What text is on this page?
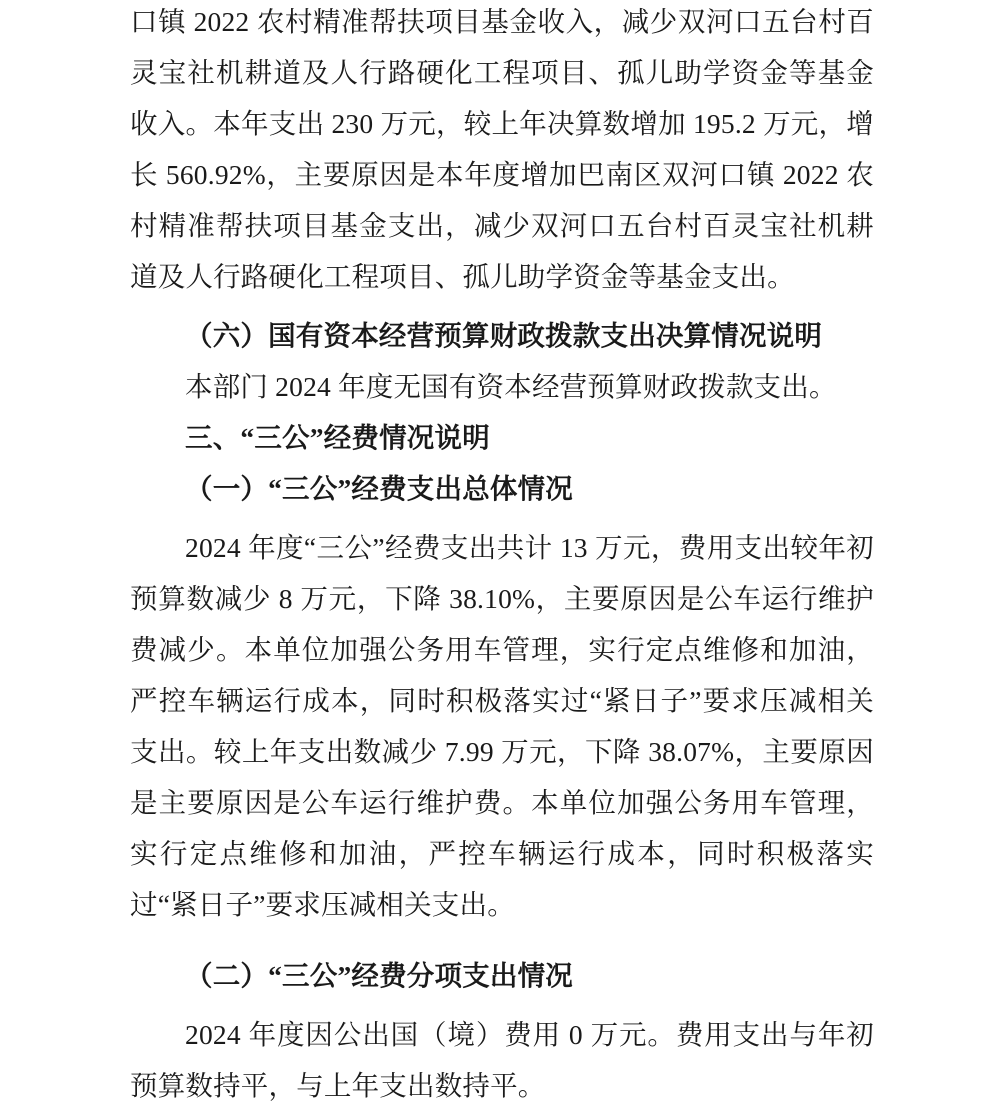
口镇 2022 农村精准帮扶项目基金收入，减少双河口五台村百灵宝社机耕道及人行路硬化工程项目、孤儿助学资金等基金收入。本年支出 230 万元，较上年决算数增加 195.2 万元，增长 560.92%，主要原因是本年度增加巴南区双河口镇 2022 农村精准帮扶项目基金支出，减少双河口五台村百灵宝社机耕道及人行路硬化工程项目、孤儿助学资金等基金支出。

（六）国有资本经营预算财政拨款支出决算情况说明

本部门 2024 年度无国有资本经营预算财政拨款支出。

三、“三公”经费情况说明

（一）“三公”经费支出总体情况

2024 年度“三公”经费支出共计 13 万元，费用支出较年初预算数减少 8 万元，下降 38.10%，主要原因是公车运行维护费减少。本单位加强公务用车管理，实行定点维修和加油，严控车辆运行成本，同时积极落实过“紧日子”要求压减相关支出。较上年支出数减少 7.99 万元，下降 38.07%，主要原因是主要原因是公车运行维护费。本单位加强公务用车管理，实行定点维修和加油，严控车辆运行成本，同时积极落实过“紧日子”要求压减相关支出。

（二）“三公”经费分项支出情况

2024 年度因公出国（境）费用 0 万元。费用支出与年初预算数持平，与上年支出数持平。
